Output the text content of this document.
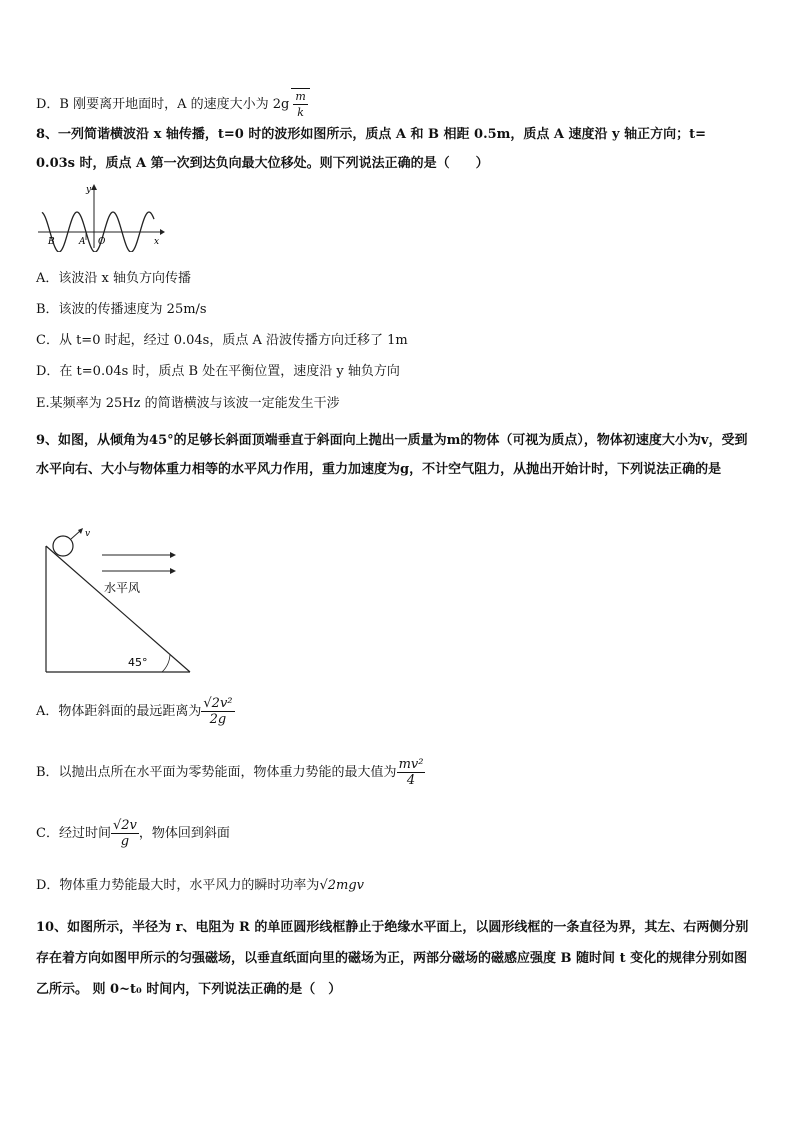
D．B 刚要离开地面时，A 的速度大小为 $2g \frac{m}{k}$
8、一列简谐横波沿 x 轴传播，t=0 时的波形如图所示，质点 A 和 B 相距 0.5m，质点 A 速度沿 y 轴正方向；t=
0.03s 时，质点 A 第一次到达负向最大位移处。则下列说法正确的是（　　）
y
x
B	A O
A．该波沿 x 轴负方向传播
B．该波的传播速度为 25m/s
C．从 t=0 时起，经过 0.04s，质点 A 沿波传播方向迁移了 1m
D．在 t=0.04s 时，质点 B 处在平衡位置，速度沿 y 轴负方向
E.某频率为 25Hz 的简谐横波与该波一定能发生干涉
9、如图，从倾角为45°的足够长斜面顶端垂直于斜面向上抛出一质量为m的物体（可视为质点），物体初速度大小为v，受到水平向右、大小与物体重力相等的水平风力作用，重力加速度为g，不计空气阻力，从抛出开始计时，下列说法正确的是
v
水平风
45°
A．物体距斜面的最远距离为 $\frac{\text{√2v²}}{2g}$
B．以抛出点所在水平面为零势能面，物体重力势能的最大值为 $\frac{\text{mv²}}{4}$
C．经过时间 $\frac{√2v}{g}$ ，物体回到斜面
D．物体重力势能最大时，水平风力的瞬时功率为√2mgv
10、如图所示，半径为 r、电阻为 R 的单匝圆形线框静止于绝缘水平面上，以圆形线框的一条直径为界，其左、右两侧分别存在着方向如图甲所示的匀强磁场，以垂直纸面向里的磁场为正，两部分磁场的磁感应强度 B 随时间 t 变化的规律分别如图乙所示。 则 0~t₀ 时间内，下列说法正确的是（　）
